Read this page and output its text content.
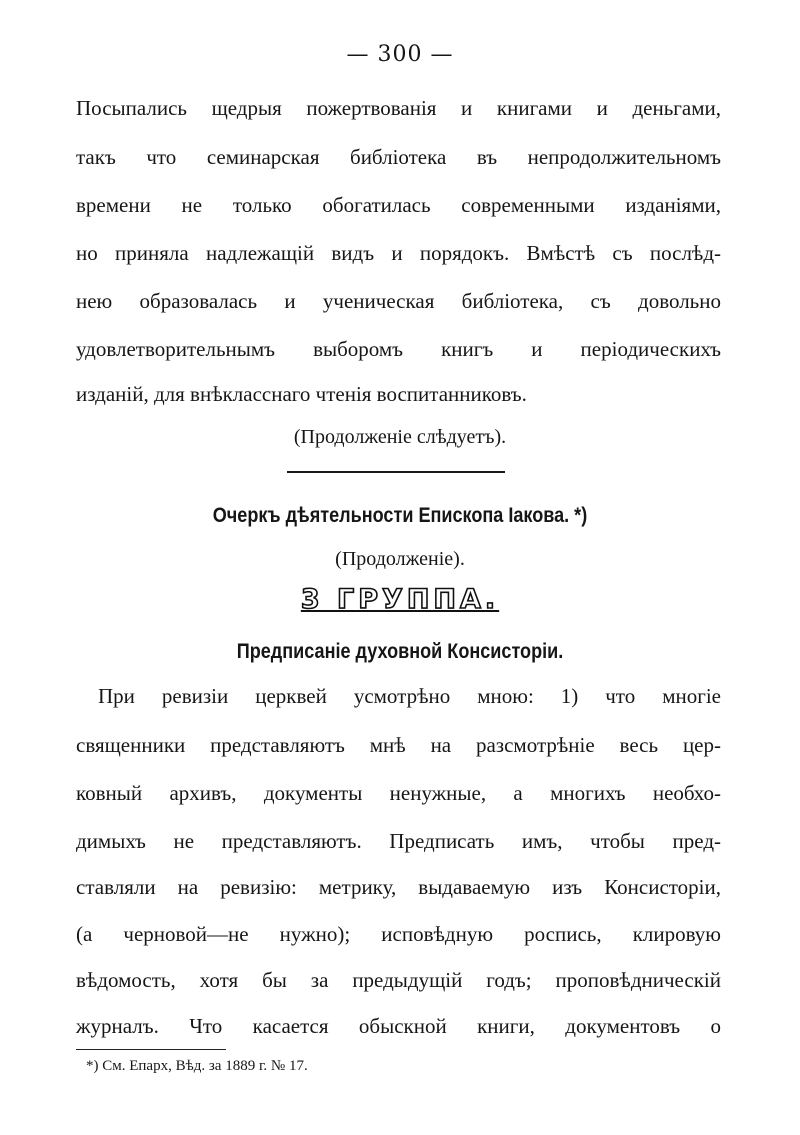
— 300 —
Посыпались щедрыя пожертвованія и книгами и деньгами,
такъ что семинарская библіотека въ непродолжительномъ
времени не только обогатилась современными изданіями,
но приняла надлежащій видъ и порядокъ. Вмѣстѣ съ послѣд-
нею образовалась и ученическая библіотека, съ довольно
удовлетворительнымъ выборомъ книгъ и періодическихъ
изданій, для внѣкласснаго чтенія воспитанниковъ.
(Продолженіе слѣдуетъ).
Очеркъ дѣятельности Епископа Іакова. *)
(Продолженіе).
3 ГРУППА.
Предписаніе духовной Консисторіи.
При ревизіи церквей усмотрѣно мною: 1) что многіе
священники представляютъ мнѣ на разсмотрѣніе весь цер-
ковный архивъ, документы ненужные, а многихъ необхо-
димыхъ не представляютъ. Предписать имъ, чтобы пред-
ставляли на ревизію: метрику, выдаваемую изъ Консисторіи,
(а черновой—не нужно); исповѣдную роспись, клировую
вѣдомость, хотя бы за предыдущій годъ; проповѣдническій
журналъ. Что касается обыскной книги, документовъ о
*) См. Епарх, Вѣд. за 1889 г. № 17.
